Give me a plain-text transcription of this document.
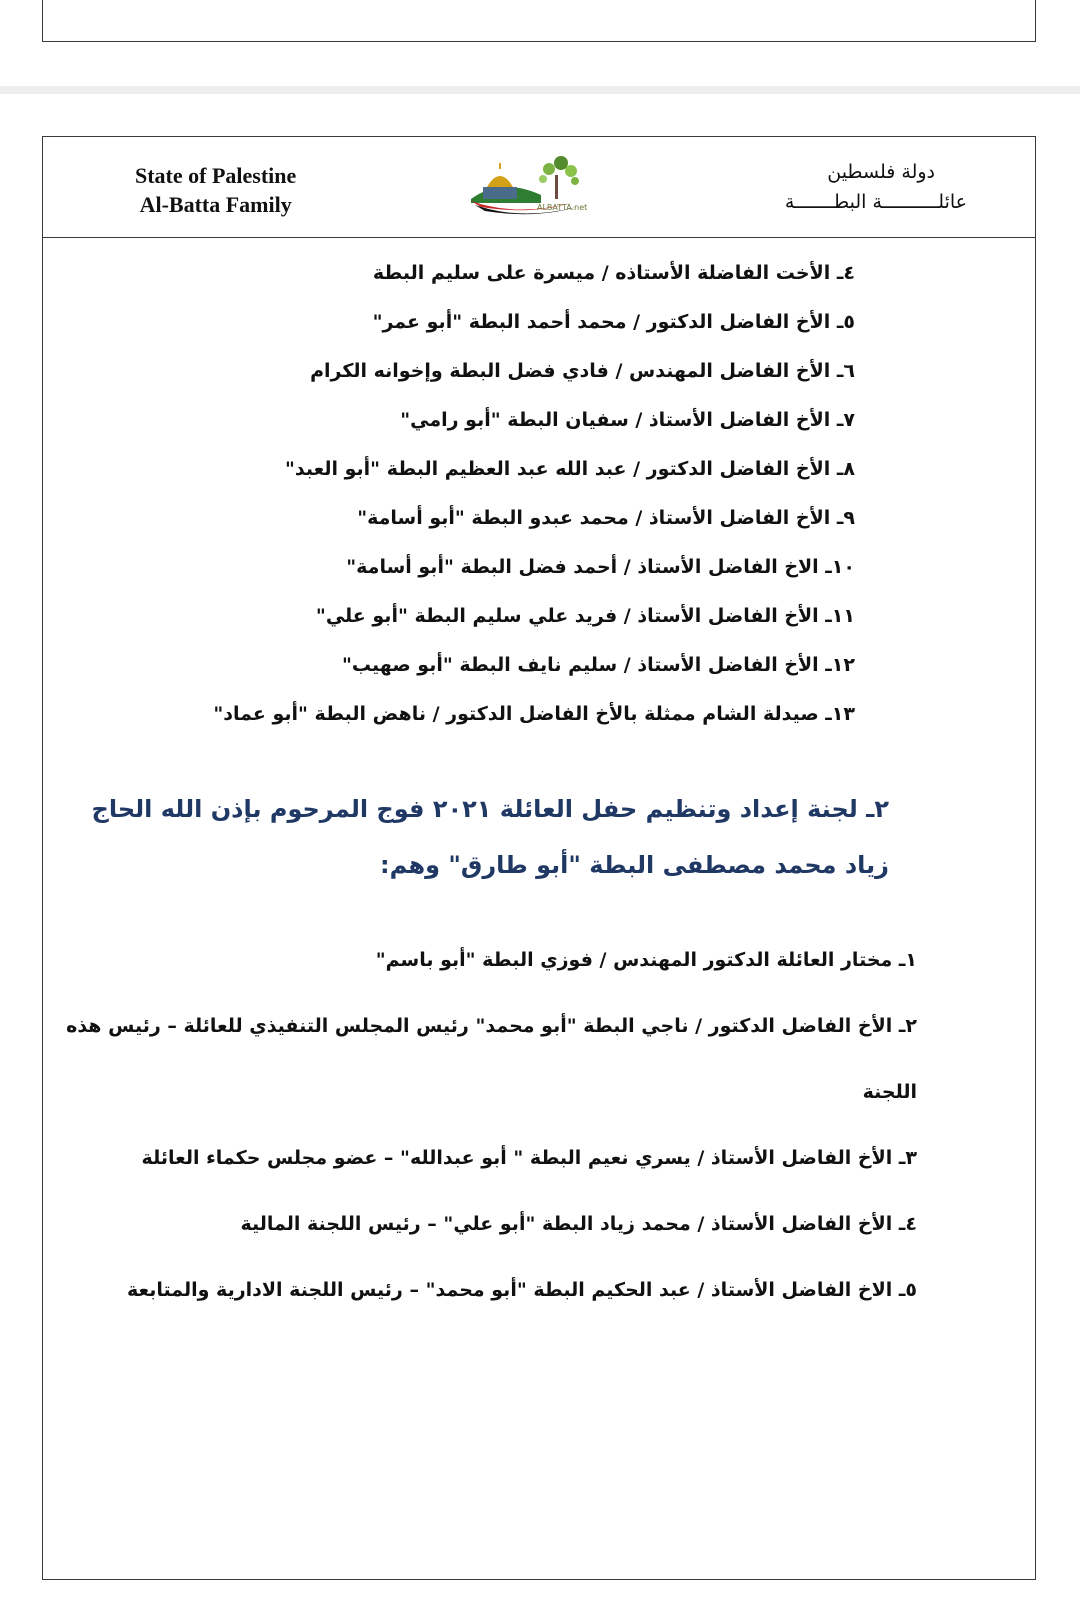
State of Palestine
Al-Batta Family	ALBATTA.net
دولة فلسطين
عائلــــــــــة البطـــــــة
٤ـ الأخت الفاضلة الأستاذه / ميسرة على سليم البطة
٥ـ الأخ الفاضل الدكتور / محمد أحمد البطة "أبو عمر"
٦ـ الأخ الفاضل المهندس / فادي فضل البطة وإخوانه الكرام
٧ـ الأخ الفاضل الأستاذ / سفيان البطة "أبو رامي"
٨ـ الأخ الفاضل الدكتور / عبد الله عبد العظيم البطة "أبو العبد"
٩ـ الأخ الفاضل الأستاذ / محمد عبدو البطة "أبو أسامة"
١٠ـ الاخ الفاضل الأستاذ / أحمد فضل البطة "أبو أسامة"
١١ـ الأخ الفاضل الأستاذ / فريد علي سليم البطة "أبو علي"
١٢ـ الأخ الفاضل الأستاذ / سليم نايف البطة "أبو صهيب"
١٣ـ صيدلة الشام ممثلة بالأخ الفاضل الدكتور / ناهض البطة "أبو عماد"
٢ـ لجنة إعداد وتنظيم حفل العائلة ٢٠٢١ فوج المرحوم بإذن الله الحاج زياد محمد مصطفى البطة "أبو طارق" وهم:
١ـ مختار العائلة الدكتور المهندس / فوزي البطة "أبو باسم"
٢ـ الأخ الفاضل الدكتور / ناجي البطة "أبو محمد" رئيس المجلس التنفيذي للعائلة – رئيس هذه اللجنة
٣ـ الأخ الفاضل الأستاذ / يسري نعيم البطة " أبو عبدالله" – عضو مجلس حكماء العائلة
٤ـ الأخ الفاضل الأستاذ / محمد زياد البطة "أبو علي" – رئيس اللجنة المالية
٥ـ الاخ الفاضل الأستاذ / عبد الحكيم البطة "أبو محمد" – رئيس اللجنة الادارية والمتابعة
